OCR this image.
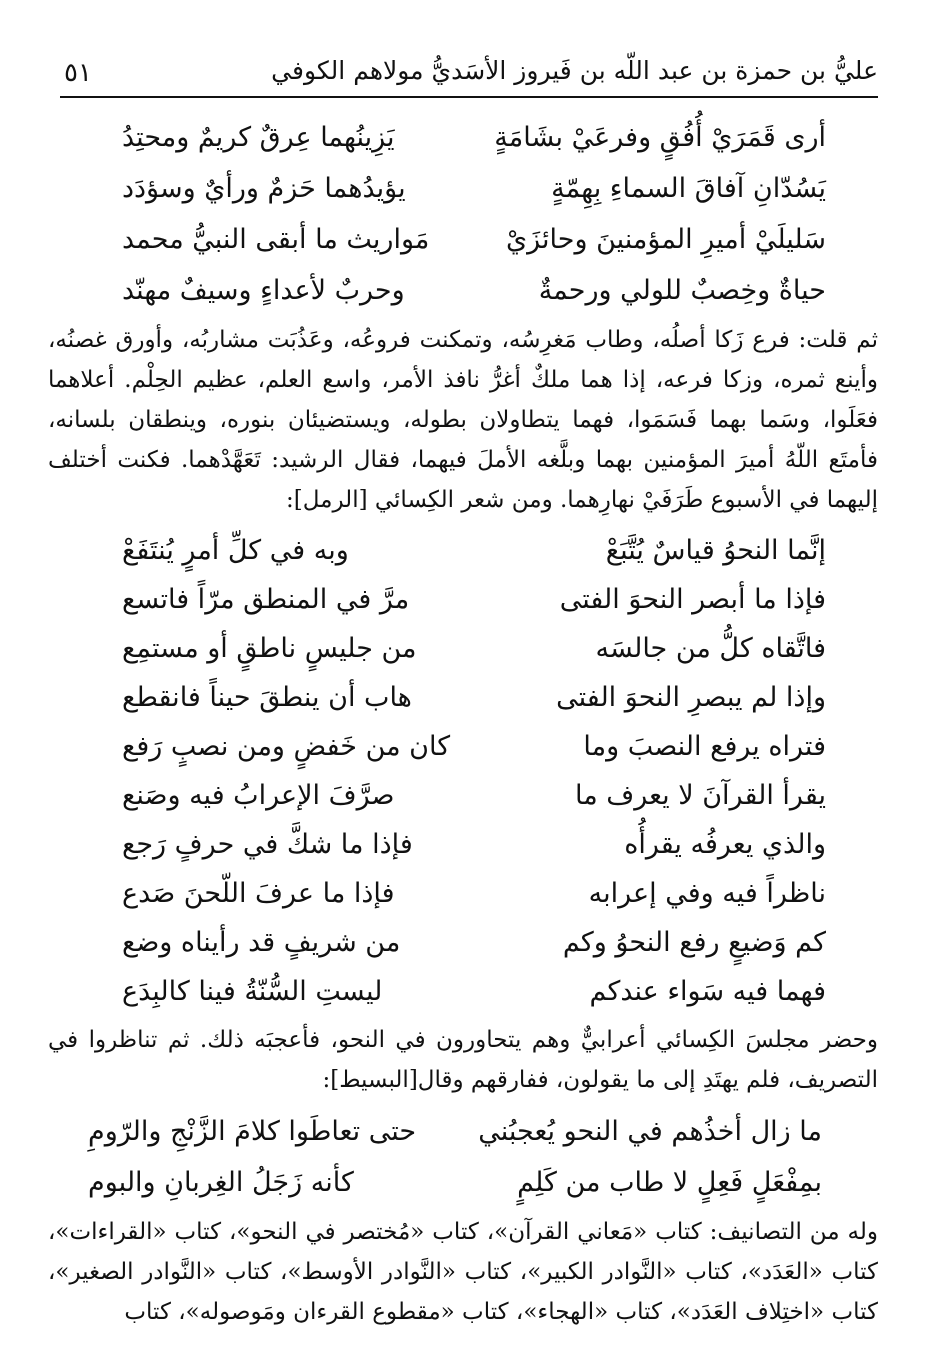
٥١	عليُّ بن حمزة بن عبد اللّه بن فَيروز الأسَديُّ مولاهم الكوفي
أرى قَمَرَيْ أُفُقٍ وفرعَيْ بشَامَةٍ
يَزِينُهما عِرقٌ كريمٌ ومحتِدُ
يَسُدّانِ آفاقَ السماءِ بِهِمّةٍ
يؤيدُهما حَزمٌ ورأيٌ وسؤدَد
سَليلَيْ أميرِ المؤمنينَ وحائزَيْ
مَواريث ما أبقى النبيُّ محمد
حياةٌ وخِصبٌ للولي ورحمةٌ
وحربٌ لأعداءٍ وسيفٌ مهنّد

ثم قلت: فرع زَكا أصلُه، وطاب مَغرِسُه، وتمكنت فروعُه، وعَذُبَت مشاربُه، وأورق غصنُه، وأينع ثمره، وزكا فرعه، إذا هما ملكٌ أغرُّ نافذ الأمر، واسع العلم، عظيم الحِلْم. أعلاهما فعَلَوا، وسَما بهما فَسَمَوا، فهما يتطاولان بطوله، ويستضيئان بنوره، وينطقان بلسانه، فأمتَع اللّهُ أميرَ المؤمنين بهما وبلَّغه الأملَ فيهما، فقال الرشيد: تَعَهَّدْهما. فكنت أختلف إليهما في الأسبوع طَرَفَيْ نهارِهما. ومن شعر الكِسائي [الرمل]:

إنَّما النحوُ قياسٌ يُتَّبَعْ
وبه في كلِّ أمرٍ يُنتَفَعْ
فإذا ما أبصر النحوَ الفتى
مرَّ في المنطق مرّاً فاتسع
فاتَّقاه كلُّ من جالسَه
من جليسٍ ناطقٍ أو مستمِع
وإذا لم يبصرِ النحوَ الفتى
هاب أن ينطقَ حيناً فانقطع
فتراه يرفع النصبَ وما
كان من خَفضٍ ومن نصبٍ رَفع
يقرأ القرآنَ لا يعرف ما
صرَّفَ الإعرابُ فيه وصَنع
والذي يعرفُه يقرأُه
فإذا ما شكَّ في حرفٍ رَجع
ناظراً فيه وفي إعرابه
فإذا ما عرفَ اللّحنَ صَدع
كم وَضيعٍ رفع النحوُ وكم
من شريفٍ قد رأيناه وضع
فهما فيه سَواء عندكم
ليستِ السُّنّةُ فينا كالبِدَع

وحضر مجلسَ الكِسائي أعرابيٌّ وهم يتحاورون في النحو، فأعجبَه ذلك. ثم تناظروا في التصريف، فلم يهتَدِ إلى ما يقولون، ففارقهم وقال[البسيط]:

ما زال أخذُهم في النحو يُعجبُني
حتى تعاطَوا كلامَ الزَّنْجِ والرّومِ
بمِفْعَلٍ فَعِلٍ لا طاب من كَلِمٍ
كأنه زَجَلُ الغِربانِ والبوم

وله من التصانيف: كتاب «مَعاني القرآن»، كتاب «مُختصر في النحو»، كتاب «القراءات»، كتاب «العَدَد»، كتاب «النَّوادر الكبير»، كتاب «النَّوادر الأوسط»، كتاب «النَّوادر الصغير»، كتاب «اختِلاف العَدَد»، كتاب «الهجاء»، كتاب «مقطوع القرءان ومَوصوله»، كتاب
